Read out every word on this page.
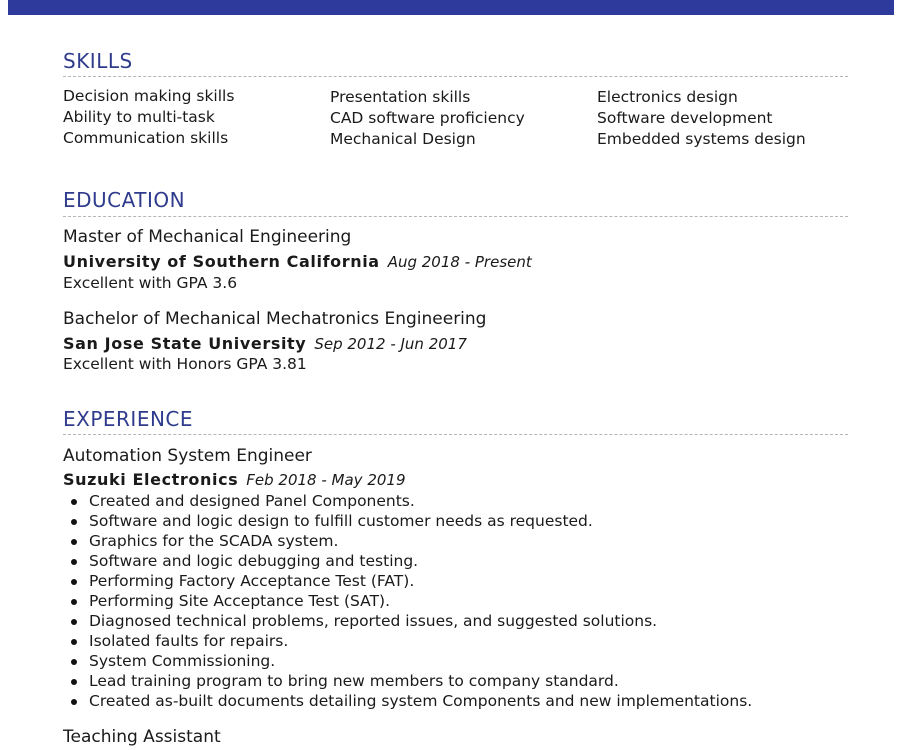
SKILLS
Decision making skills
Ability to multi-task
Communication skills
Presentation skills
CAD software proficiency
Mechanical Design
Electronics design
Software development
Embedded systems design
EDUCATION
Master of Mechanical Engineering
University of Southern California Aug 2018 - Present
Excellent with GPA 3.6
Bachelor of Mechanical Mechatronics Engineering
San Jose State University Sep 2012 - Jun 2017
Excellent with Honors GPA 3.81
EXPERIENCE
Automation System Engineer
Suzuki Electronics Feb 2018 - May 2019
Created and designed Panel Components.
Software and logic design to fulfill customer needs as requested.
Graphics for the SCADA system.
Software and logic debugging and testing.
Performing Factory Acceptance Test (FAT).
Performing Site Acceptance Test (SAT).
Diagnosed technical problems, reported issues, and suggested solutions.
Isolated faults for repairs.
System Commissioning.
Lead training program to bring new members to company standard.
Created as-built documents detailing system Components and new implementations.
Teaching Assistant
